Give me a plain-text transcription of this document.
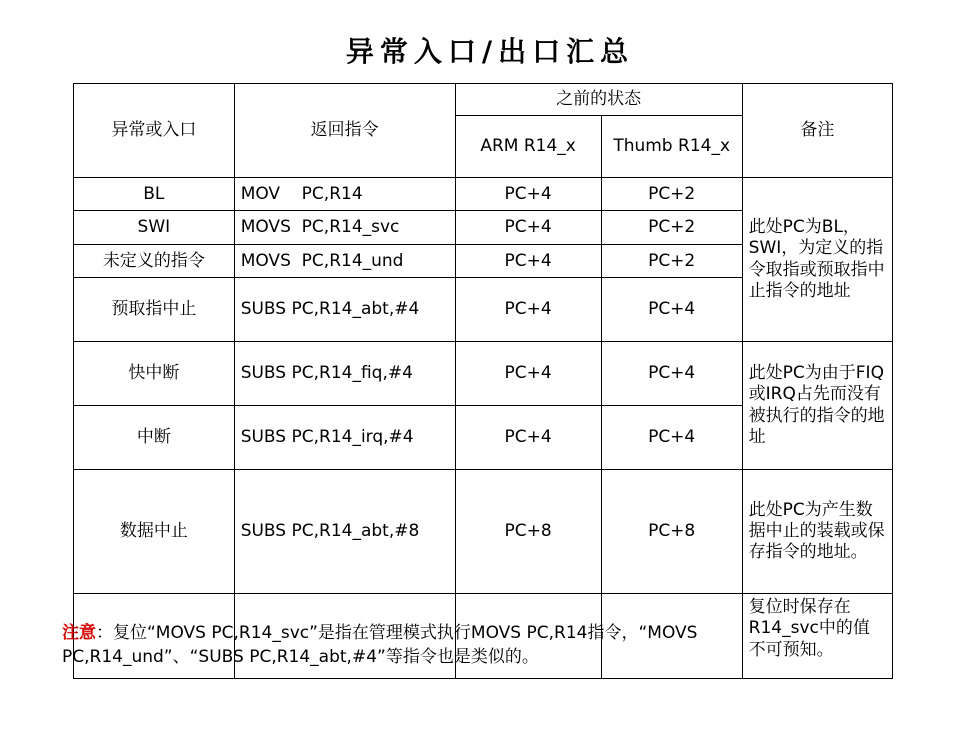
异常入口/出口汇总
异常或入口	返回指令	之前的状态		备注
		ARM R14_x	Thumb R14_x	
BL	MOV    PC,R14	PC+4	PC+2	此处PC为BL，SWI，为定义的指令取指或预取指中止指令的地址
SWI	MOVS  PC,R14_svc	PC+4	PC+2	
未定义的指令	MOVS  PC,R14_und	PC+4	PC+2	
预取指中止	SUBS PC,R14_abt,#4	PC+4	PC+4	
快中断	SUBS PC,R14_fiq,#4	PC+4	PC+4	此处PC为由于FIQ或IRQ占先而没有被执行的指令的地址
中断	SUBS PC,R14_irq,#4	PC+4	PC+4	
数据中止	SUBS PC,R14_abt,#8	PC+8	PC+8	此处PC为产生数据中止的装载或保存指令的地址。
				复位时保存在R14_svc中的值不可预知。
注意：复位“MOVS PC,R14_svc”是指在管理模式执行MOVS PC,R14指令，“MOVS
PC,R14_und”、“SUBS PC,R14_abt,#4”等指令也是类似的。
